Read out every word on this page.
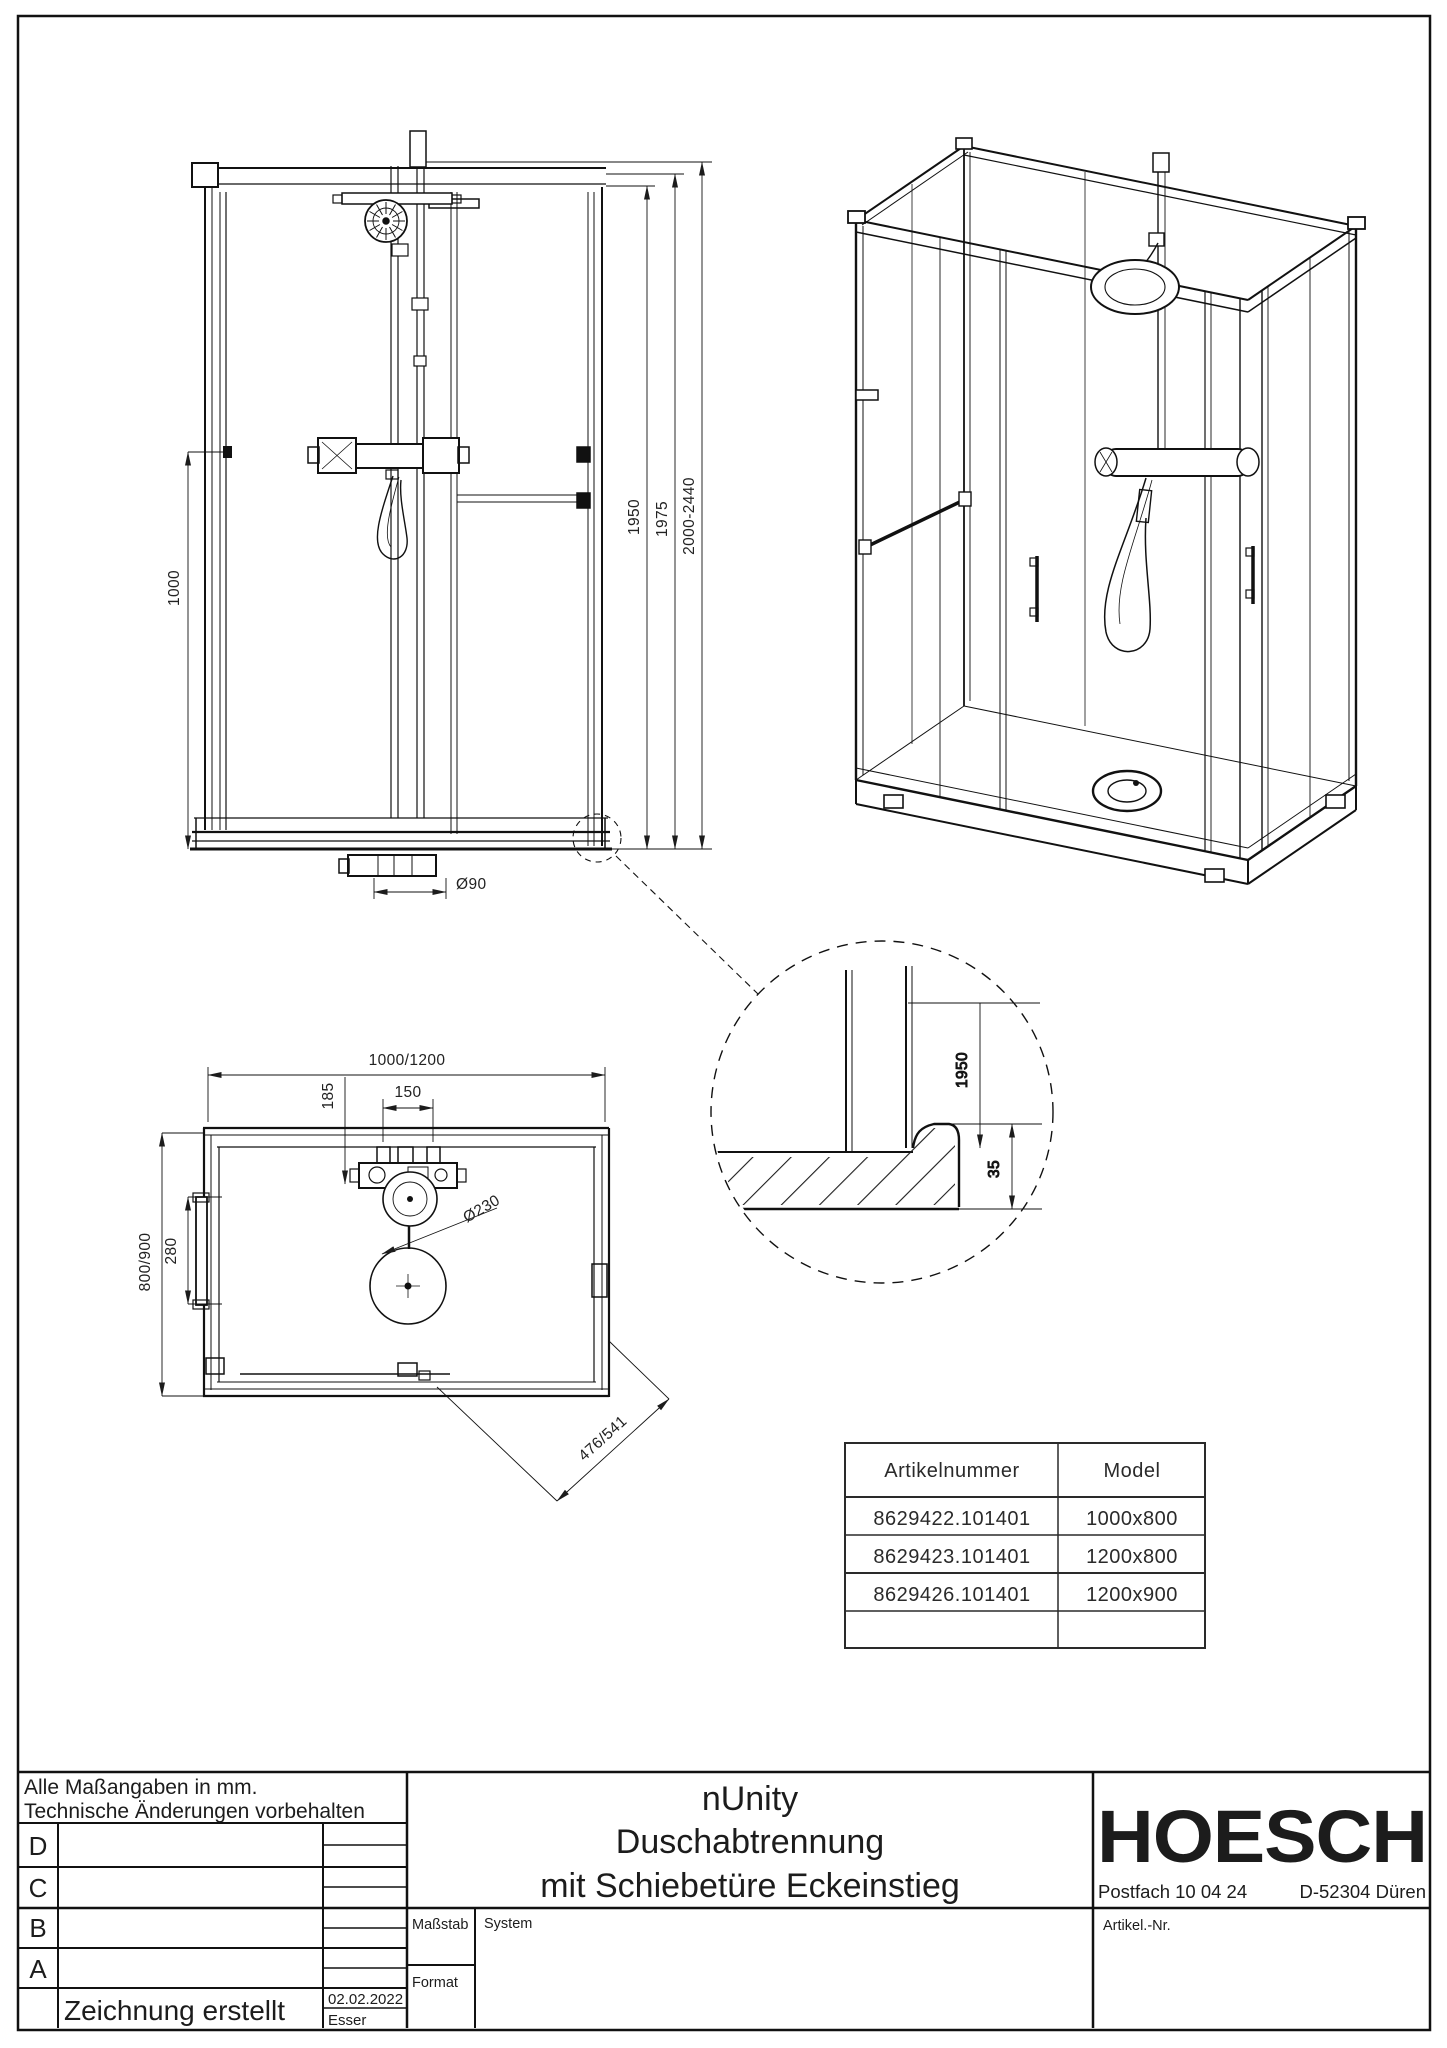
1000
Ø90
1950 1975 2000-2440
1000/1200
185	150
800/900 280
Ø230
476/541
1950
35
Artikelnummer	Model
8629422.101401	1000x800
8629423.101401	1200x800
8629426.101401	1200x900
Alle Maßangaben in mm.
Technische Änderungen vorbehalten
D
C
B
A
Zeichnung erstellt	02.02.2022
Esser
nUnity
Duschabtrennung
mit Schiebetüre Eckeinstieg
Maßstab
Format
System	Artikel.-Nr.
HOESCH
Postfach 10 04 24	D-52304 Düren
